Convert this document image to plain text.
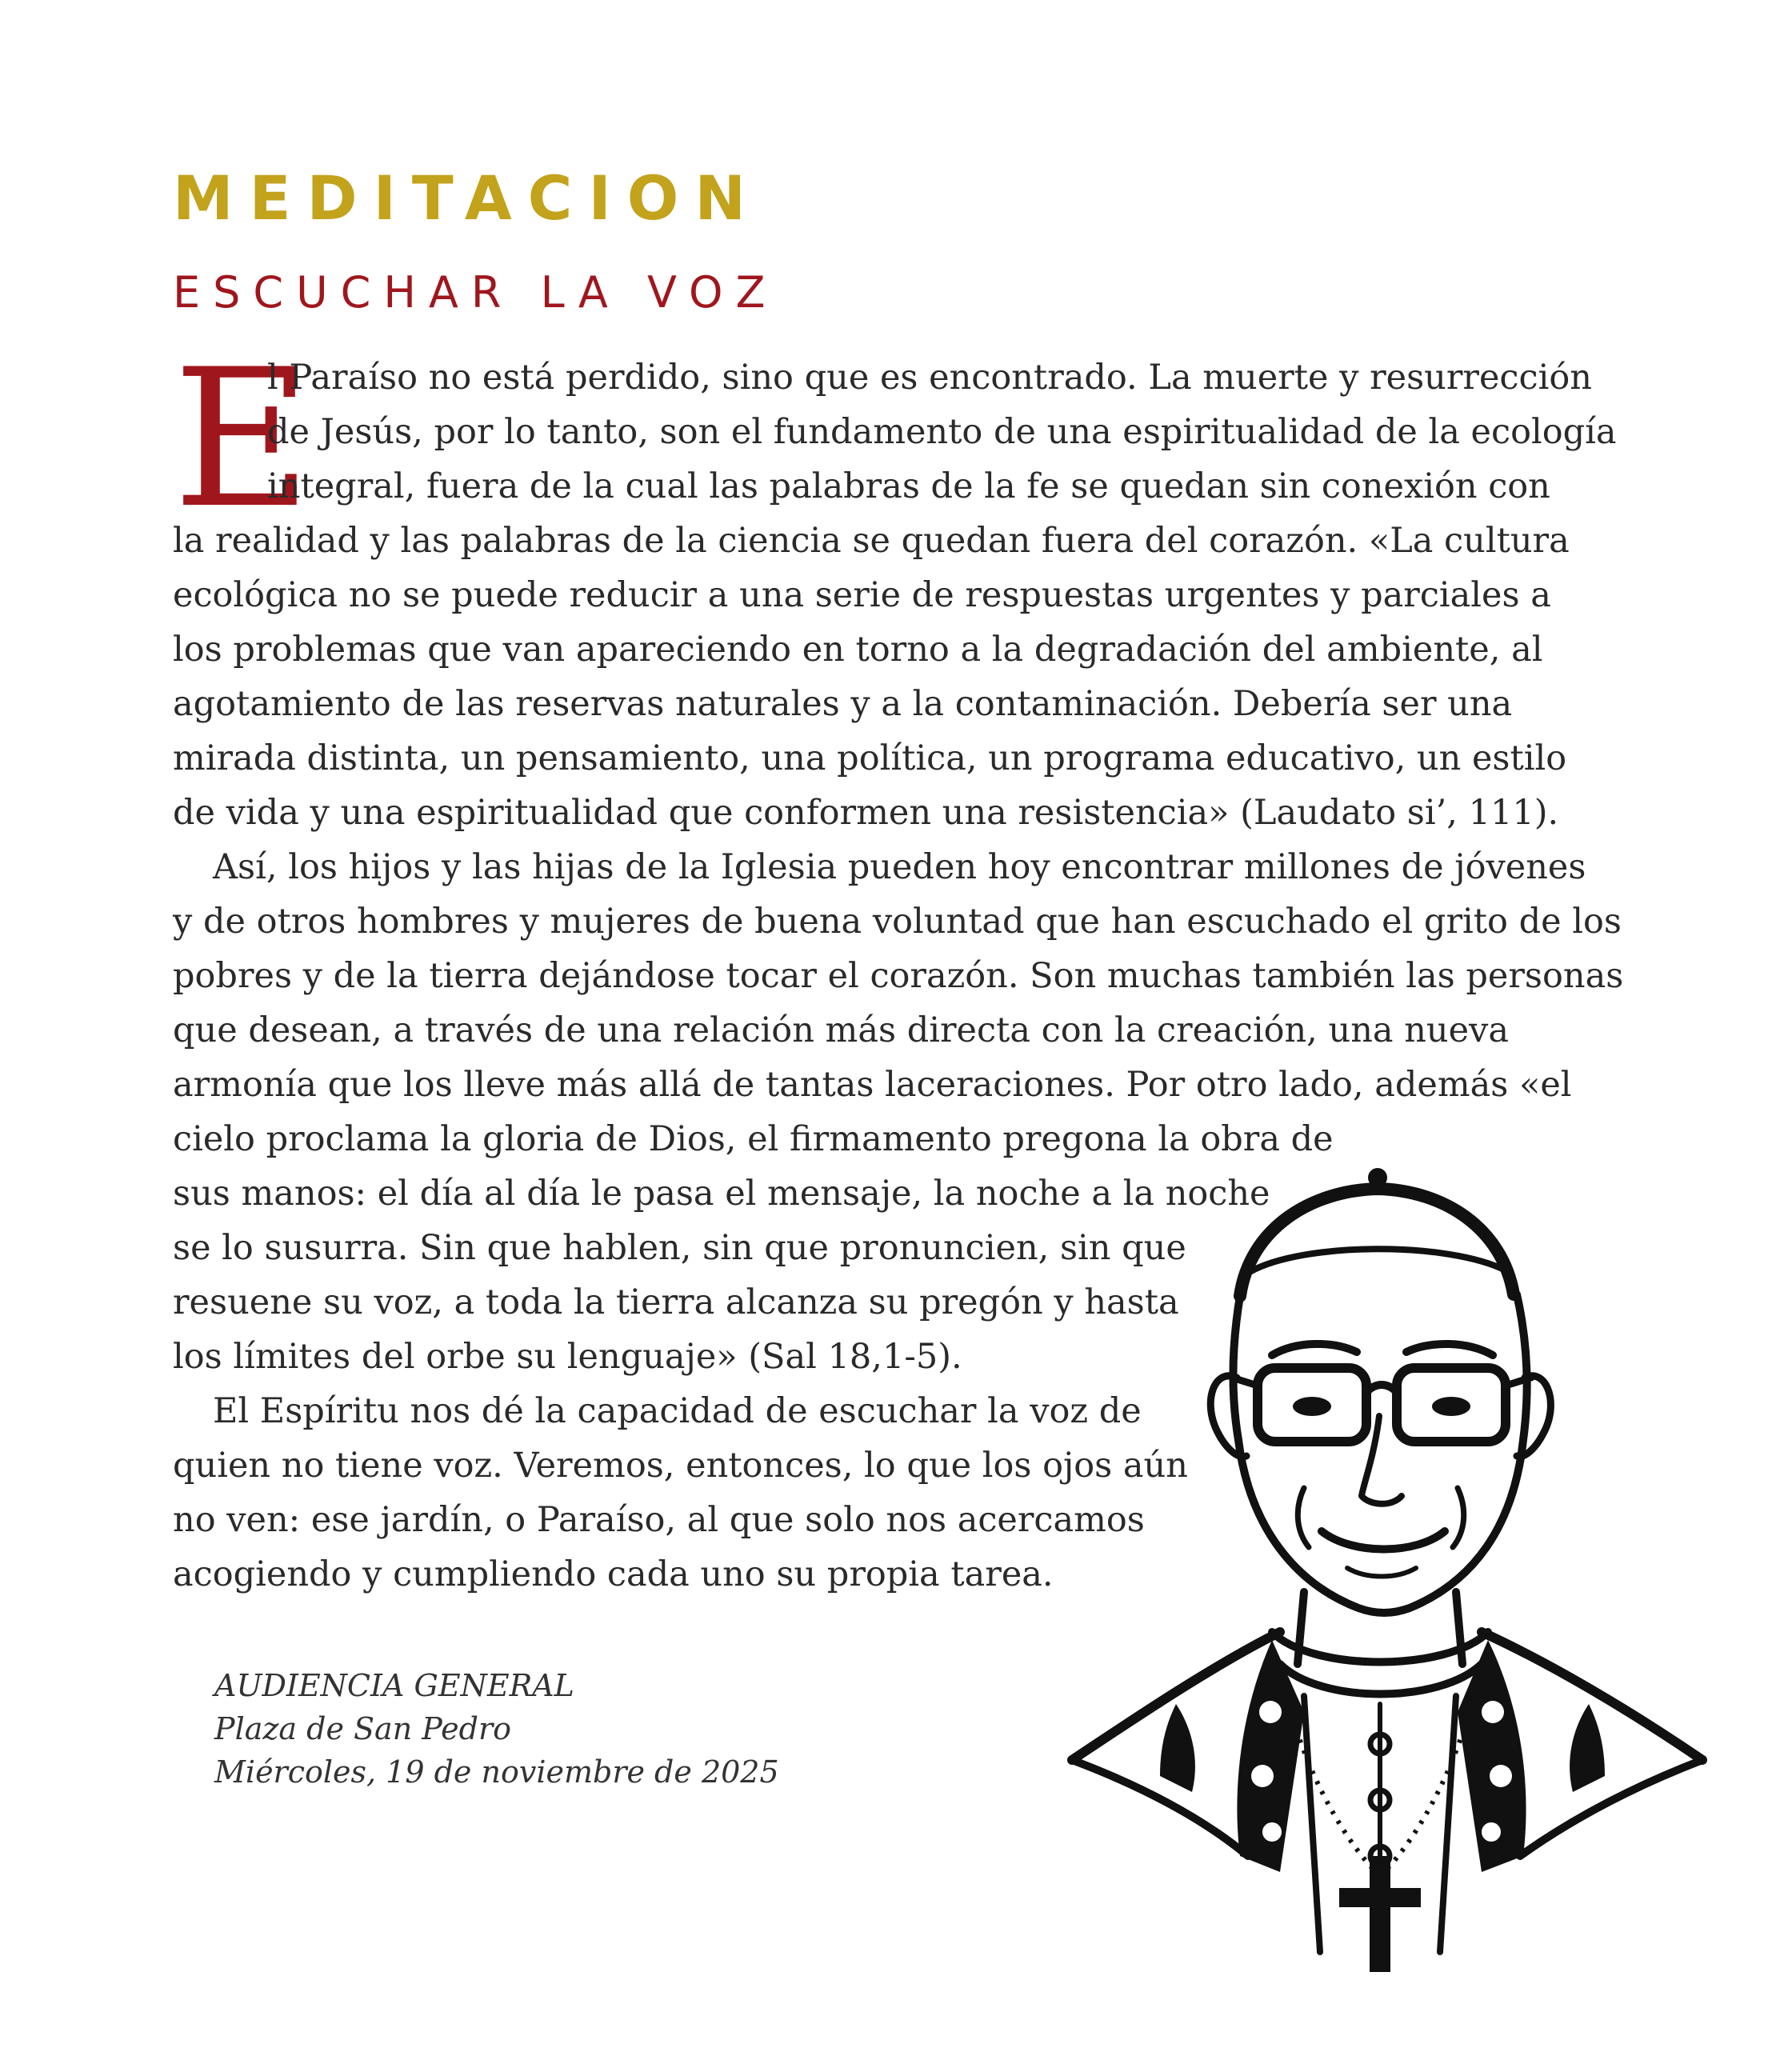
MEDITACION
ESCUCHAR LA VOZ
E
l Paraíso no está perdido, sino que es encontrado. La muerte y resurrección
de Jesús, por lo tanto, son el fundamento de una espiritualidad de la ecología
integral, fuera de la cual las palabras de la fe se quedan sin conexión con
la realidad y las palabras de la ciencia se quedan fuera del corazón. «La cultura
ecológica no se puede reducir a una serie de respuestas urgentes y parciales a
los problemas que van apareciendo en torno a la degradación del ambiente, al
agotamiento de las reservas naturales y a la contaminación. Debería ser una
mirada distinta, un pensamiento, una política, un programa educativo, un estilo
de vida y una espiritualidad que conformen una resistencia» (Laudato si’, 111).
Así, los hijos y las hijas de la Iglesia pueden hoy encontrar millones de jóvenes
y de otros hombres y mujeres de buena voluntad que han escuchado el grito de los
pobres y de la tierra dejándose tocar el corazón. Son muchas también las personas
que desean, a través de una relación más directa con la creación, una nueva
armonía que los lleve más allá de tantas laceraciones. Por otro lado, además «el
cielo proclama la gloria de Dios, el firmamento pregona la obra de
sus manos: el día al día le pasa el mensaje, la noche a la noche
se lo susurra. Sin que hablen, sin que pronuncien, sin que
resuene su voz, a toda la tierra alcanza su pregón y hasta
los límites del orbe su lenguaje» (Sal 18,1-5).
El Espíritu nos dé la capacidad de escuchar la voz de
quien no tiene voz. Veremos, entonces, lo que los ojos aún
no ven: ese jardín, o Paraíso, al que solo nos acercamos
acogiendo y cumpliendo cada uno su propia tarea.
AUDIENCIA GENERAL
Plaza de San Pedro
Miércoles, 19 de noviembre de 2025
